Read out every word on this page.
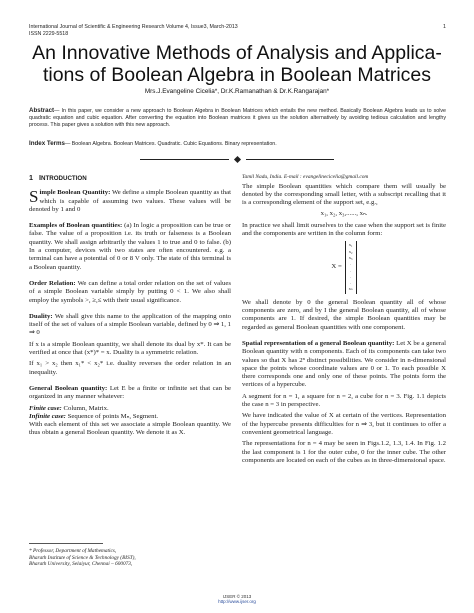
International Journal of Scientific & Engineering Research Volume 4, Issue3, March-2013
ISSN 2229-5518
1
An Innovative Methods of Analysis and Applica-
tions of Boolean Algebra in Boolean Matrices
Mrs.J.Evangeline Cicelia*, Dr.K.Ramanathan & Dr.K.Rangarajan*
Abstract— In this paper, we consider a new approach to Boolean Algebra in Boolean Matrices which entails the new method. Basically Boolean Algebra leads us to solve quadratic equation and cubic equation. After converting the equation into Boolean matrices it gives us the solution alternatively by avoiding tedious calculation and lengthy process. This paper gives a solution with this new approach.
Index Terms— Boolean Algebra. Boolean Matrices. Quadratic. Cubic Equations. Binary representation.
1 INTRODUCTION

Simple Boolean Quantity: We define a simple Boolean quantity as that which is capable of assuming two values. These values will be denoted by 1 and 0

Examples of Boolean quantities: (a) In logic a proposition can be true or false. The value of a proposition i.e. its truth or falseness is a Boolean quantity. We shall assign arbitrarily the values 1 to true and 0 to false. (b) In a computer, devices with two states are often encountered. e.g. a terminal can have a potential of 0 or 8 V only. The state of this terminal is a Boolean quantity.

Order Relation: We can define a total order relation on the set of values of a simple Boolean variable simply by putting 0 < 1. We also shall employ the symbols >, ≥,≤ with their usual significance.

Duality: We shall give this name to the application of the mapping onto itself of the set of values of a simple Boolean variable, defined by 0 ⇒ 1, 1 ⇒ 0

If x is a simple Boolean quantity, we shall denote its dual by x*. It can be verified at once that (x*)* = x. Duality is a symmetric relation.

If x₁ > x₂ then x₁* < x₂* i.e. duality reverses the order relation in an inequality.

General Boolean quantity: Let E be a finite or infinite set that can be organized in any manner whatever:

Finite case: Column, Matrix.
Infinite case: Sequence of points Mₙ, Segment.

With each element of this set we associate a simple Boolean quantity. We thus obtain a general Boolean quantity. We denote it as X.

Tamil Nadu, India. E-mail : evangelinecicelia@gmail.com

The simple Boolean quantities which compare them will usually be denoted by the corresponding small letter, with a subscript recalling that it is a corresponding element of the support set, e.g.,

x₁, x₂, x₃,......, xₙ.

In practice we shall limit ourselves to the case when the support set is finite and the components are written in the column form:

X =
x₁
x₂
x₃
.
.
.
.
xₙ

We shall denote by 0 the general Boolean quantity all of whose components are zero, and by I the general Boolean quantity, all of whose components are 1. If desired, the simple Boolean quantities may be regarded as general Boolean quantities with one component.

Spatial representation of a general Boolean quantity: Let X be a general Boolean quantity with n components. Each of its components can take two values so that X has 2ⁿ distinct possibilities. We consider in n-dimensional space the points whose coordinate values are 0 or 1. To each possible X there corresponds one and only one of these points. The points form the vertices of a hypercube.

A segment for n = 1, a square for n = 2, a cube for n = 3. Fig. 1.1 depicts the case n = 3 in perspective.

We have indicated the value of X at certain of the vertices. Representation of the hypercube presents difficulties for n ⇒ 3, but it continues to offer a convenient geometrical language.

The representations for n = 4 may be seen in Figs.1.2, 1.3, 1.4. In Fig. 1.2 the last component is 1 for the outer cube, 0 for the inner cube. The other components are located on each of the cubes as in three-dimensional space.

* Professor, Department of Mathematics,
Bharath Institute of Science & Technology (BIST),
Bharath University, Selaiyur, Chennai – 600073,
IJSER © 2013
http://www.ijser.org
